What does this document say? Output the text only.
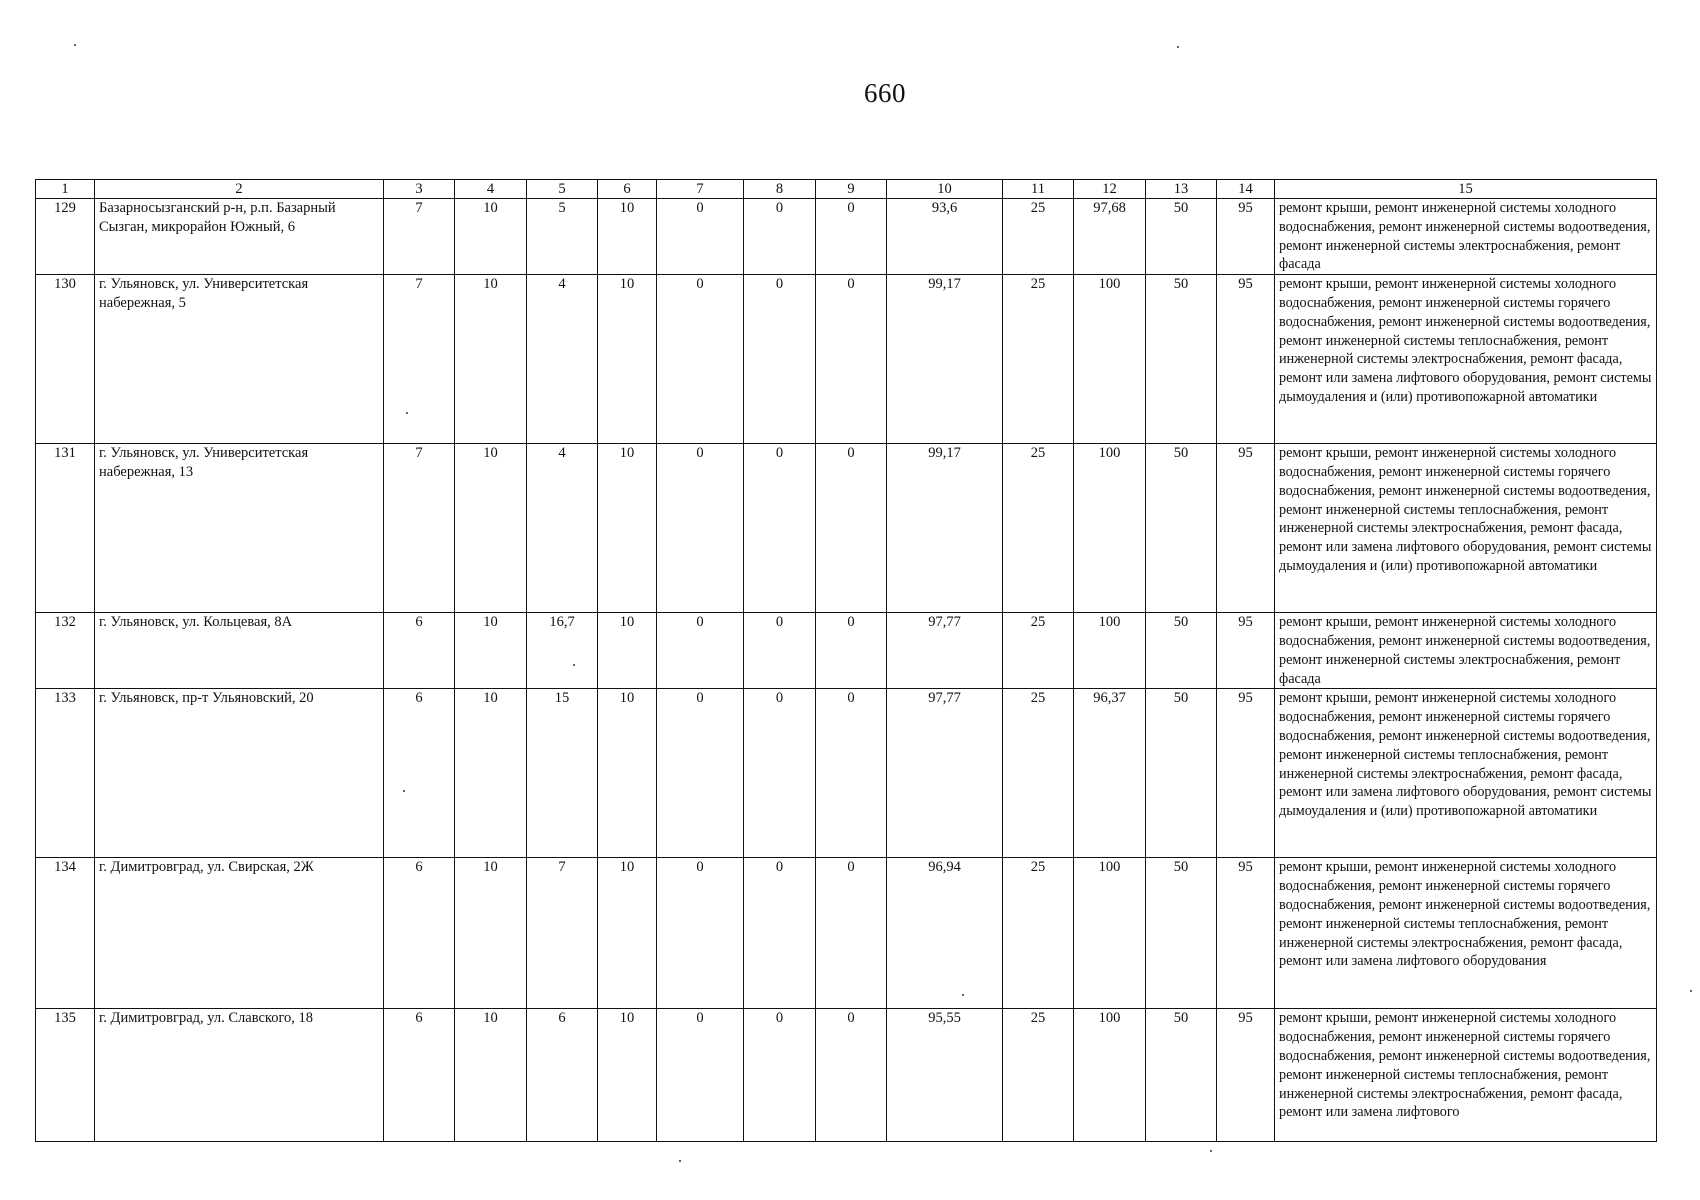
660
1	2	3	4	5	6	7	8	9	10	11	12	13	14	15
129	Базарносызганский р-н, р.п. Базарный Сызган, микрорайон Южный, 6	7	10	5	10	0	0	0	93,6	25	97,68	50	95	ремонт крыши, ремонт инженерной системы холодного водоснабжения, ремонт инженерной системы водоотведения, ремонт инженерной системы электроснабжения, ремонт фасада
130	г. Ульяновск, ул. Университетская набережная, 5	7	10	4	10	0	0	0	99,17	25	100	50	95	ремонт крыши, ремонт инженерной системы холодного водоснабжения, ремонт инженерной системы горячего водоснабжения, ремонт инженерной системы водоотведения, ремонт инженерной системы теплоснабжения, ремонт инженерной системы электроснабжения, ремонт фасада, ремонт или замена лифтового оборудования, ремонт системы дымоудаления и (или) противопожарной автоматики
131	г. Ульяновск, ул. Университетская набережная, 13	7	10	4	10	0	0	0	99,17	25	100	50	95	ремонт крыши, ремонт инженерной системы холодного водоснабжения, ремонт инженерной системы горячего водоснабжения, ремонт инженерной системы водоотведения, ремонт инженерной системы теплоснабжения, ремонт инженерной системы электроснабжения, ремонт фасада, ремонт или замена лифтового оборудования, ремонт системы дымоудаления и (или) противопожарной автоматики
132	г. Ульяновск, ул. Кольцевая, 8А	6	10	16,7	10	0	0	0	97,77	25	100	50	95	ремонт крыши, ремонт инженерной системы холодного водоснабжения, ремонт инженерной системы водоотведения, ремонт инженерной системы электроснабжения, ремонт фасада
133	г. Ульяновск, пр-т Ульяновский, 20	6	10	15	10	0	0	0	97,77	25	96,37	50	95	ремонт крыши, ремонт инженерной системы холодного водоснабжения, ремонт инженерной системы горячего водоснабжения, ремонт инженерной системы водоотведения, ремонт инженерной системы теплоснабжения, ремонт инженерной системы электроснабжения, ремонт фасада, ремонт или замена лифтового оборудования, ремонт системы дымоудаления и (или) противопожарной автоматики
134	г. Димитровград, ул. Свирская, 2Ж	6	10	7	10	0	0	0	96,94	25	100	50	95	ремонт крыши, ремонт инженерной системы холодного водоснабжения, ремонт инженерной системы горячего водоснабжения, ремонт инженерной системы водоотведения, ремонт инженерной системы теплоснабжения, ремонт инженерной системы электроснабжения, ремонт фасада, ремонт или замена лифтового оборудования
135	г. Димитровград, ул. Славского, 18	6	10	6	10	0	0	0	95,55	25	100	50	95	ремонт крыши, ремонт инженерной системы холодного водоснабжения, ремонт инженерной системы горячего водоснабжения, ремонт инженерной системы водоотведения, ремонт инженерной системы теплоснабжения, ремонт инженерной системы электроснабжения, ремонт фасада, ремонт или замена лифтового
